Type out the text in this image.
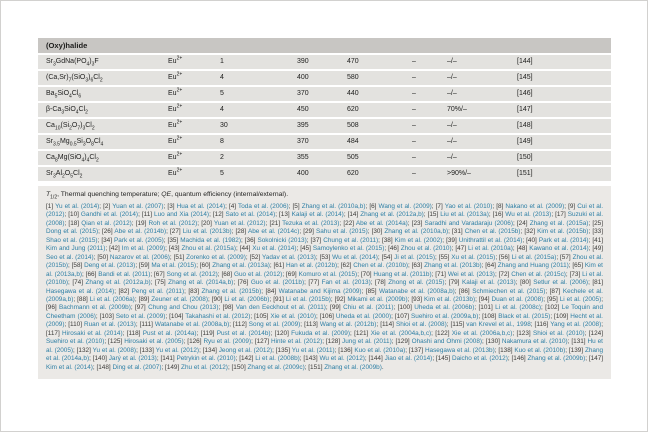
(Oxy)halide
$Sr_3GdNa(PO_4)_3F$	$Eu^{2+}$	1	390	470	–	–/–	[144]
$(Ca,Sr)_7(SiO_3)_6Cl_2$	$Eu^{2+}$	4	400	580	–	–/–	[145]
$Ba_5SiO_4Cl_6$	$Eu^{2+}$	5	370	440	–	–/–	[146]
$\beta-Ca_3SiO_4Cl_2$	$Eu^{2+}$	4	450	620	–	70%/–	[147]
$Ca_{10}(Si_2O_7)_3Cl_2$	$Eu^{2+}$	30	395	508	–	–/–	[148]
$Sr_{3.5}Mg_{0.5}Si_3O_8Cl_4$	$Eu^{2+}$	8	370	484	–	–/–	[149]
$Ca_8Mg(SiO_4)_4Cl_2$	$Eu^{2+}$	2	355	505	–	–/–	[150]
$Sr_3Al_2O_5Cl_2$	$Eu^{2+}$	5	400	620	–	>90%/–	[151]
$T_{1/2}$, Thermal quenching temperature; QE, quantum efficiency (internal/external).

[1] Yu et al. (2014); [2] Yuan et al. (2007); [3] Hua et al. (2014); [4] Toda et al. (2006); [5] Zhang et al. (2010a,b); [6] Wang et al. (2009); [7] Yao et al. (2010); [8] Nakano et al. (2009); [9] Cui et al. (2012); [10] Gandhi et al. (2014); [11] Luo and Xia (2014); [12] Sato et al. (2014); [13] Kalaji et al. (2014); [14] Zhang et al. (2012a,b); [15] Liu et al. (2013a); [16] Wu et al. (2013); [17] Suzuki et al. (2008); [18] Qian et al. (2012); [19] Roh et al. (2012); [20] Yuan et al. (2012); [21] Tezuka et al. (2013); [22] Abe et al. (2014a); [23] Saradhi and Varadaraju (2006); [24] Zhang et al. (2015a); [25] Dong et al. (2015); [26] Abe et al. (2014b); [27] Liu et al. (2013b); [28] Abe et al. (2014c); [29] Sahu et al. (2015); [30] Zhang et al. (2010a,b); [31] Chen et al. (2015b); [32] Kim et al. (2015b); [33] Shao et al. (2015); [34] Park et al. (2005); [35] Machida et al. (1982); [36] Sokolnicki (2013); [37] Chung et al. (2011); [38] Kim et al. (2002); [39] Unithrattil et al. (2014); [40] Park et al. (2014); [41] Kim and Jung (2011); [42] Im et al. (2009); [43] Zhou et al. (2015a); [44] Xu et al. (2014); [45] Samoylenko et al. (2015); [46] Zhou et al. (2010); [47] Li et al. (2010a); [48] Kawano et al. (2014); [49] Seo et al. (2014); [50] Nazarov et al. (2006); [51] Zorenko et al. (2009); [52] Yadav et al. (2013); [53] Wu et al. (2014); [54] Ji et al. (2015); [55] Xu et al. (2015); [56] Li et al. (2015a); [57] Zhou et al. (2015b); [58] Deng et al. (2013); [59] Ma et al. (2015); [60] Zhang et al. (2013a); [61] Han et al. (2012b); [62] Chen et al. (2010b); [63] Zhang et al. (2013b); [64] Zhang and Huang (2011); [65] Kim et al. (2013a,b); [66] Bandi et al. (2011); [67] Song et al. (2012); [68] Guo et al. (2012); [69] Komuro et al. (2015); [70] Huang et al. (2011b); [71] Wei et al. (2013); [72] Chen et al. (2015c); [73] Li et al. (2010b); [74] Zhang et al. (2012a,b); [75] Zhang et al. (2014a,b); [76] Guo et al. (2011b); [77] Fan et al. (2013); [78] Zhong et al. (2015); [79] Kalaji et al. (2013); [80] Setlur et al. (2006); [81] Hasegawa et al. (2014); [82] Peng et al. (2011); [83] Zhang et al. (2015b); [84] Watanabe and Kijima (2009); [85] Watanabe et al. (2008a,b); [86] Schmiechen et al. (2015); [87] Kechele et al. (2009a,b); [88] Li et al. (2006a); [89] Zeuner et al. (2008); [90] Li et al. (2006b); [91] Li et al. (2015b); [92] Mikami et al. (2009b); [93] Kim et al. (2013b); [94] Duan et al. (2008); [95] Li et al. (2005); [96] Bachmann et al. (2009b); [97] Chung and Chou (2013); [98] Van den Eeckhout et al. (2011); [99] Chiu et al. (2011); [100] Uheda et al. (2006b); [101] Li et al. (2008c); [102] Le Toquin and Cheetham (2006); [103] Seto et al. (2009); [104] Takahashi et al. (2012); [105] Xie et al. (2010); [106] Uheda et al. (2000); [107] Suehiro et al. (2009a,b); [108] Black et al. (2015); [109] Hecht et al. (2009); [110] Ruan et al. (2013); [111] Watanabe et al. (2008a,b); [112] Song et al. (2009); [113] Wang et al. (2012b); [114] Shioi et al. (2008); [115] van Krevel et al., 1998; [116] Yang et al. (2008); [117] Hirosaki et al. (2014); [118] Pust et al. (2014a); [119] Pust et al. (2014b); [120] Fukuda et al. (2009); [121] Xie et al. (2004a,b,c); [122] Xie et al. (2006a,b,c); [123] Shioi et al. (2010); [124] Suehiro et al. (2010); [125] Hirosaki et al. (2005); [126] Ryu et al. (2009); [127] Hinte et al. (2012); [128] Jung et al. (2011); [129] Ohashi and Ohmi (2008); [130] Nakamura et al. (2010); [131] Hu et al. (2005); [132] Yu et al. (2008); [133] Yu et al. (2012); [134] Jeong et al. (2012); [135] Yu et al. (2011); [136] Kuo et al. (2010a); [137] Hasegawa et al. (2013b); [138] Kuo et al. (2010b); [139] Zhang et al. (2014a,b); [140] Jarý et al. (2013); [141] Petrykin et al. (2010); [142] Li et al. (2008b); [143] Wu et al. (2012); [144] Jiao et al. (2014); [145] Daicho et al. (2012); [146] Zhang et al. (2009b); [147] Kim et al. (2014); [148] Ding et al. (2007); [149] Zhu et al. (2012); [150] Zhang et al. (2009c); [151] Zhang et al. (2009b).
